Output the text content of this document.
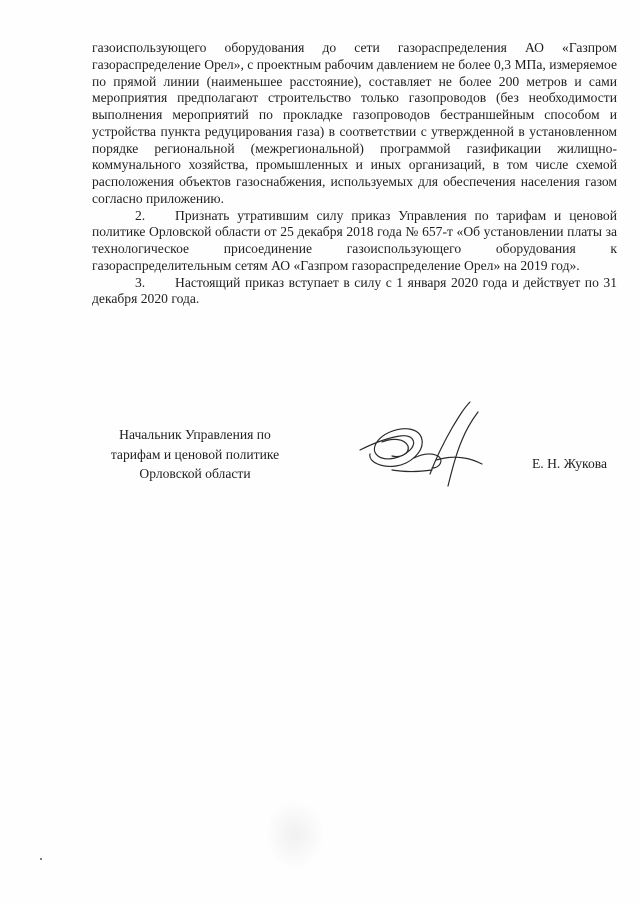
газоиспользующего оборудования до сети газораспределения АО «Газпром газораспределение Орел», с проектным рабочим давлением не более 0,3 МПа, измеряемое по прямой линии (наименьшее расстояние), составляет не более 200 метров и сами мероприятия предполагают строительство только газопроводов (без необходимости выполнения мероприятий по прокладке газопроводов бестраншейным способом и устройства пункта редуцирования газа) в соответствии с утвержденной в установленном порядке региональной (межрегиональной) программой газификации жилищно-коммунального хозяйства, промышленных и иных организаций, в том числе схемой расположения объектов газоснабжения, используемых для обеспечения населения газом согласно приложению.

2. Признать утратившим силу приказ Управления по тарифам и ценовой политике Орловской области от 25 декабря 2018 года № 657-т «Об установлении платы за технологическое присоединение газоиспользующего оборудования к газораспределительным сетям АО «Газпром газораспределение Орел» на 2019 год».

3. Настоящий приказ вступает в силу с 1 января 2020 года и действует по 31 декабря 2020 года.

Начальник Управления по
тарифам и ценовой политике
Орловской области
Е. Н. Жукова
